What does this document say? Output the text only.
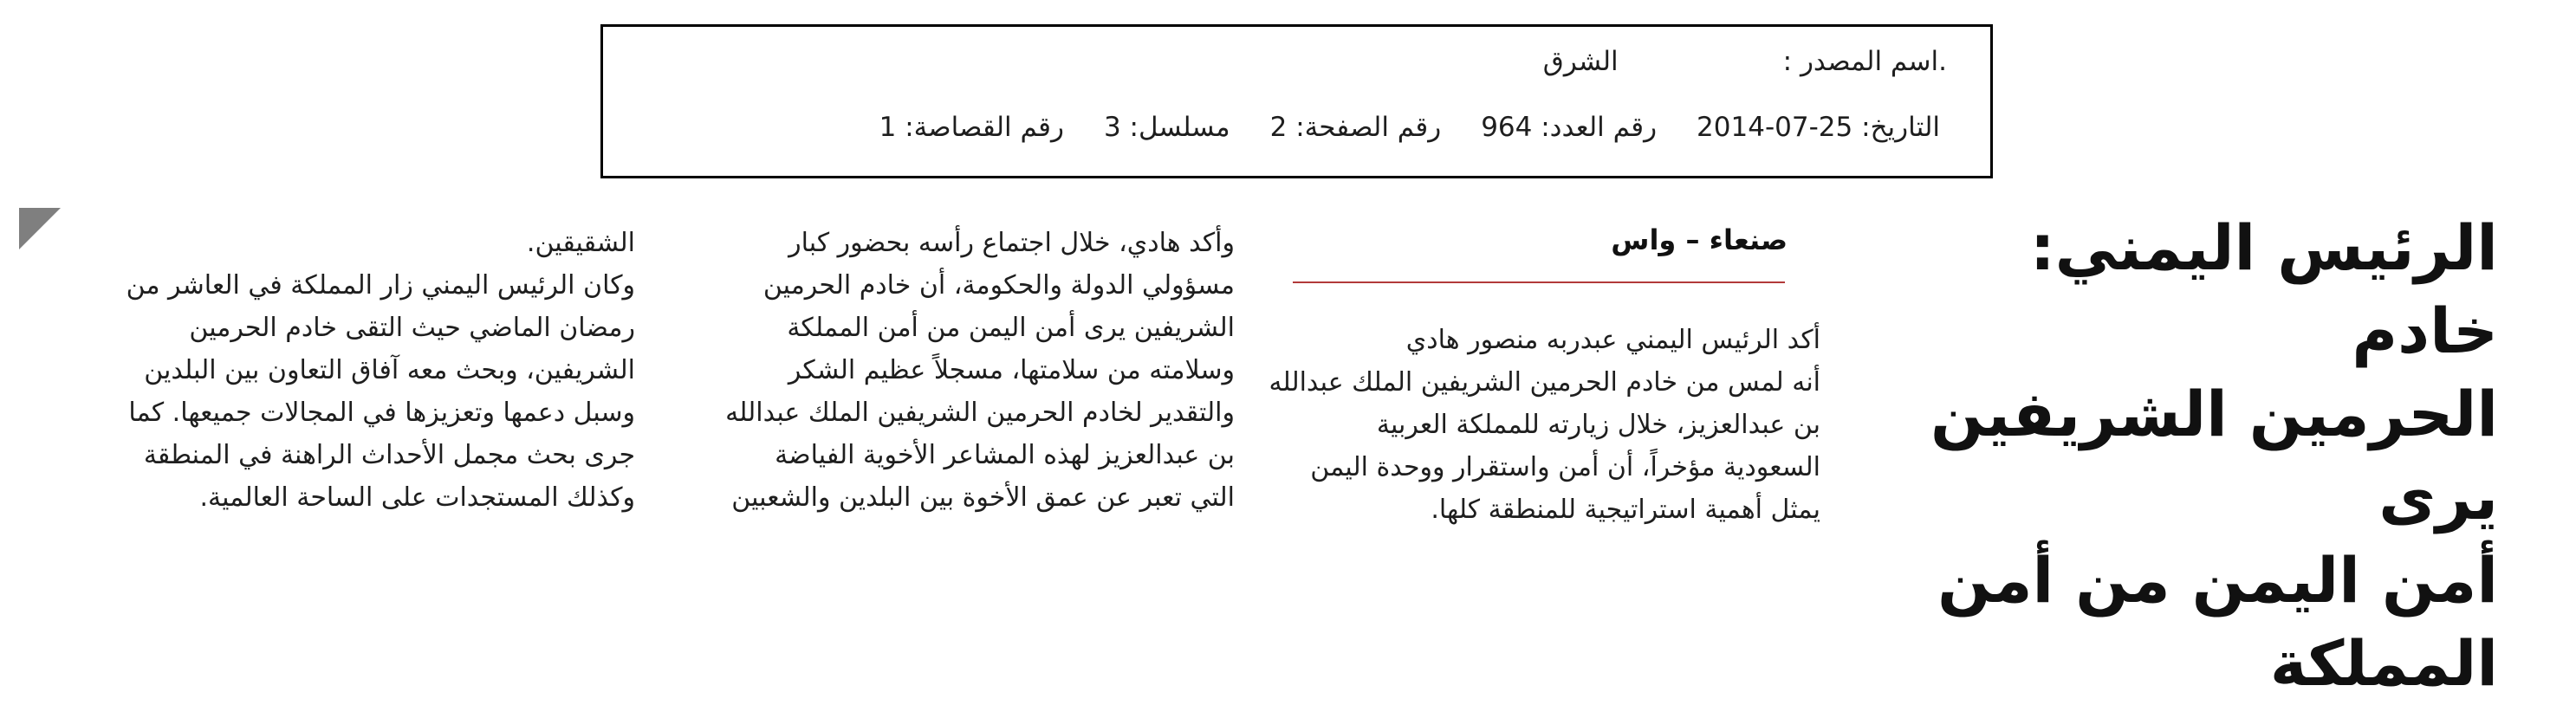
.اسم المصدر :
الشرق
التاريخ: 25-07-2014
رقم العدد: 964
رقم الصفحة: 2
مسلسل: 3
رقم القصاصة: 1
الرئيس اليمني: خادم
الحرمين الشريفين يرى
أمن اليمن من أمن
المملكة
صنعاء – واس

أكد الرئيس اليمني عبدربه منصور هادي

أنه لمس من خادم الحرمين الشريفين الملك عبدالله

بن عبدالعزيز، خلال زيارته للمملكة العربية

السعودية مؤخراً، أن أمن واستقرار ووحدة اليمن

يمثل أهمية استراتيجية للمنطقة كلها.

وأكد هادي، خلال اجتماع رأسه بحضور كبار

مسؤولي الدولة والحكومة، أن خادم الحرمين

الشريفين يرى أمن اليمن من أمن المملكة

وسلامته من سلامتها، مسجلاً عظيم الشكر

والتقدير لخادم الحرمين الشريفين الملك عبدالله

بن عبدالعزيز لهذه المشاعر الأخوية الفياضة

التي تعبر عن عمق الأخوة بين البلدين والشعبين

الشقيقين.

وكان الرئيس اليمني زار المملكة في العاشر من

رمضان الماضي حيث التقى خادم الحرمين

الشريفين، وبحث معه آفاق التعاون بين البلدين

وسبل دعمها وتعزيزها في المجالات جميعها. كما

جرى بحث مجمل الأحداث الراهنة في المنطقة

وكذلك المستجدات على الساحة العالمية.
